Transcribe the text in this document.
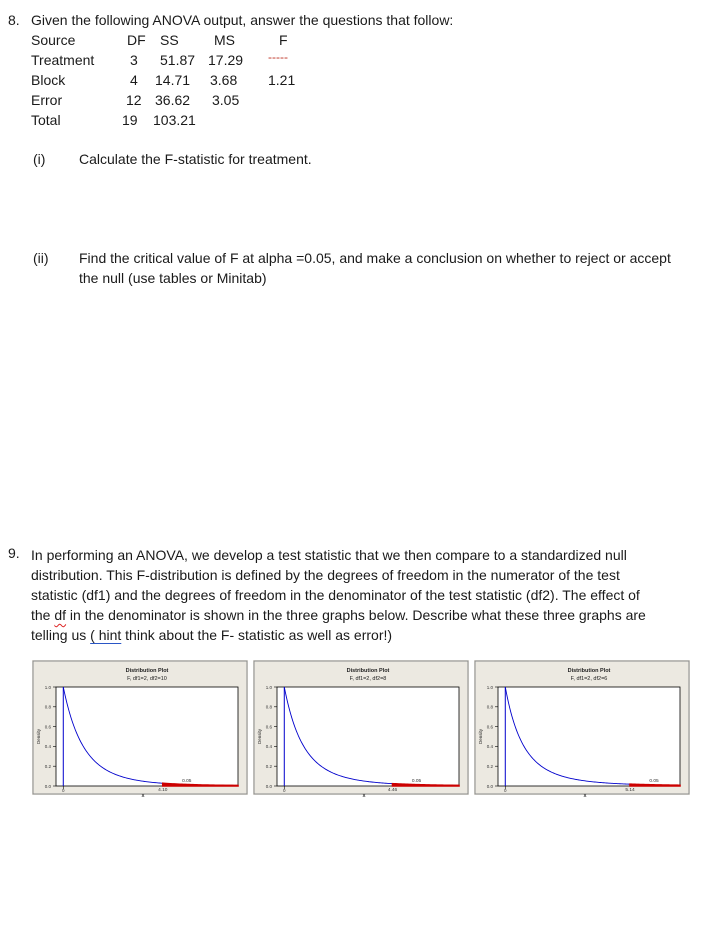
8. Given the following ANOVA output, answer the questions that follow:
Source	DF SS	MS	F
Treatment	3 51.87 17.29 -----
Block	4 14.71 3.68 1.21
Error	12 36.62 3.05
Total	19 103.21
(i) Calculate the F-statistic for treatment.
(ii) Find the critical value of F at alpha =0.05, and make a conclusion on whether to reject or accept
the null (use tables or Minitab)
9. In performing an ANOVA, we develop a test statistic that we then compare to a standardized null
distribution. This F-distribution is defined by the degrees of freedom in the numerator of the test
statistic (df1) and the degrees of freedom in the denominator of the test statistic (df2). The effect of
the df in the denominator is shown in the three graphs below. Describe what these three graphs are
telling us ( hint think about the F- statistic as well as error!)
Distribution Plot
F, df1=2, df2=10
0.0
0.2
0.4
0.6
0.8
1.0
0
X
Density
4.10
0.05
Distribution Plot
F, df1=2, df2=8
0.0
0.2
0.4
0.6
0.8
1.0
0
X
Density
4.46
0.05
Distribution Plot
F, df1=2, df2=6
0.0
0.2
0.4
0.6
0.8
1.0
0
X
Density
5.14
0.05
